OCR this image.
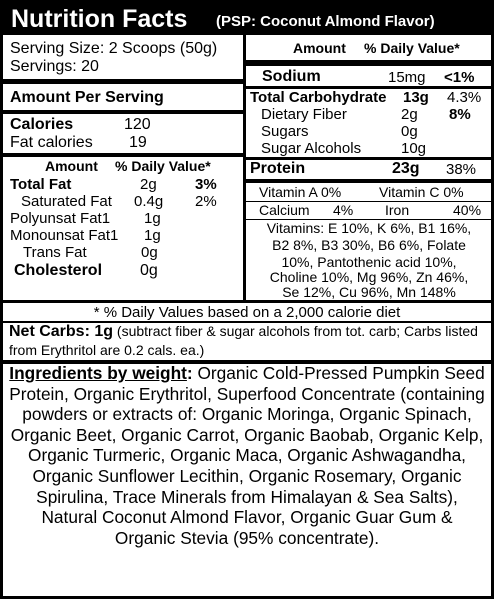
Nutrition Facts (PSP: Coconut Almond Flavor)
Serving Size: 2 Scoops (50g)
Servings: 20
Amount % Daily Value*
Sodium	15mg <1%
Amount Per Serving
Calories	120
Fat calories 19
Amount % Daily Value*
Total Fat	2g	3%
Saturated Fat 0.4g 2%
Polyunsat Fat1 1g
Monounsat Fat1 1g
Trans Fat	0g
Cholesterol 0g
Total Carbohydrate 13g 4.3%
Dietary Fiber	2g 8%
Sugars	0g
Sugar Alcohols	10g
Protein	23g 38%
Vitamin A 0%	Vitamin C 0%
Calcium 4% Iron	40%
Vitamins: E 10%, K 6%, B1 16%,
B2 8%, B3 30%, B6 6%, Folate
10%, Pantothenic acid 10%,
Choline 10%, Mg 96%, Zn 46%,
Se 12%, Cu 96%, Mn 148%
* % Daily Values based on a 2,000 calorie diet
Net Carbs: 1g (subtract fiber & sugar alcohols from tot. carb; Carbs listed from Erythritol are 0.2 cals. ea.)
Ingredients by weight: Organic Cold-Pressed Pumpkin Seed Protein, Organic Erythritol, Superfood Concentrate (containing powders or extracts of: Organic Moringa, Organic Spinach, Organic Beet, Organic Carrot, Organic Baobab, Organic Kelp, Organic Turmeric, Organic Maca, Organic Ashwagandha, Organic Sunflower Lecithin, Organic Rosemary, Organic Spirulina, Trace Minerals from Himalayan & Sea Salts), Natural Coconut Almond Flavor, Organic Guar Gum & Organic Stevia (95% concentrate).
